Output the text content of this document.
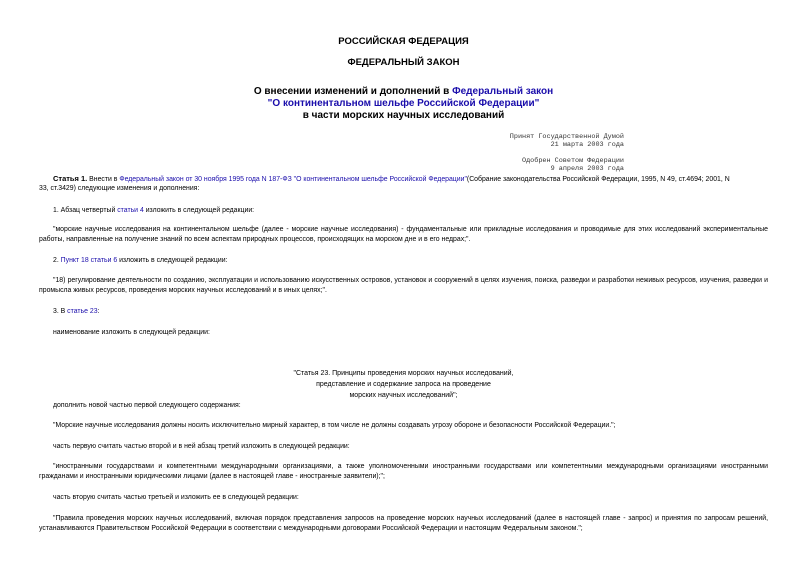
РОССИЙСКАЯ ФЕДЕРАЦИЯ
ФЕДЕРАЛЬНЫЙ ЗАКОН
О внесении изменений и дополнений в Федеральный закон
"О континентальном шельфе Российской Федерации"
в части морских научных исследований
Принят Государственной Думой
21 марта 2003 года
Одобрен Советом Федерации
9 апреля 2003 года
Статья 1. Внести в Федеральный закон от 30 ноября 1995 года N 187-ФЗ "О континентальном шельфе Российской Федерации"(Собрание законодательства Российской Федерации, 1995, N 49, ст.4694; 2001, N
33, ст.3429) следующие изменения и дополнения:
1. Абзац четвертый статьи 4 изложить в следующей редакции:
"морские научные исследования на континентальном шельфе (далее - морские научные исследования) - фундаментальные или прикладные исследования и проводимые для этих исследований экспериментальные работы, направленные на получение знаний по всем аспектам природных процессов, происходящих на морском дне и в его недрах;".
2. Пункт 18 статьи 6 изложить в следующей редакции:
"18) регулирование деятельности по созданию, эксплуатации и использованию искусственных островов, установок и сооружений в целях изучения, поиска, разведки и разработки неживых ресурсов, изучения, разведки и промысла живых ресурсов, проведения морских научных исследований и в иных целях;".
3. В статье 23:
наименование изложить в следующей редакции:
"Статья 23. Принципы проведения морских научных исследований,
представление и содержание запроса на проведение
морских научных исследований";
дополнить новой частью первой следующего содержания:
"Морские научные исследования должны носить исключительно мирный характер, в том числе не должны создавать угрозу обороне и безопасности Российской Федерации.";
часть первую считать частью второй и в ней абзац третий изложить в следующей редакции:
"иностранными государствами и компетентными международными организациями, а также уполномоченными иностранными государствами или компетентными международными организациями иностранными гражданами и иностранными юридическими лицами (далее в настоящей главе - иностранные заявители);";
часть вторую считать частью третьей и изложить ее в следующей редакции:
"Правила проведения морских научных исследований, включая порядок представления запросов на проведение морских научных исследований (далее в настоящей главе - запрос) и принятия по запросам решений, устанавливаются Правительством Российской Федерации в соответствии с международными договорами Российской Федерации и настоящим Федеральным законом.";
